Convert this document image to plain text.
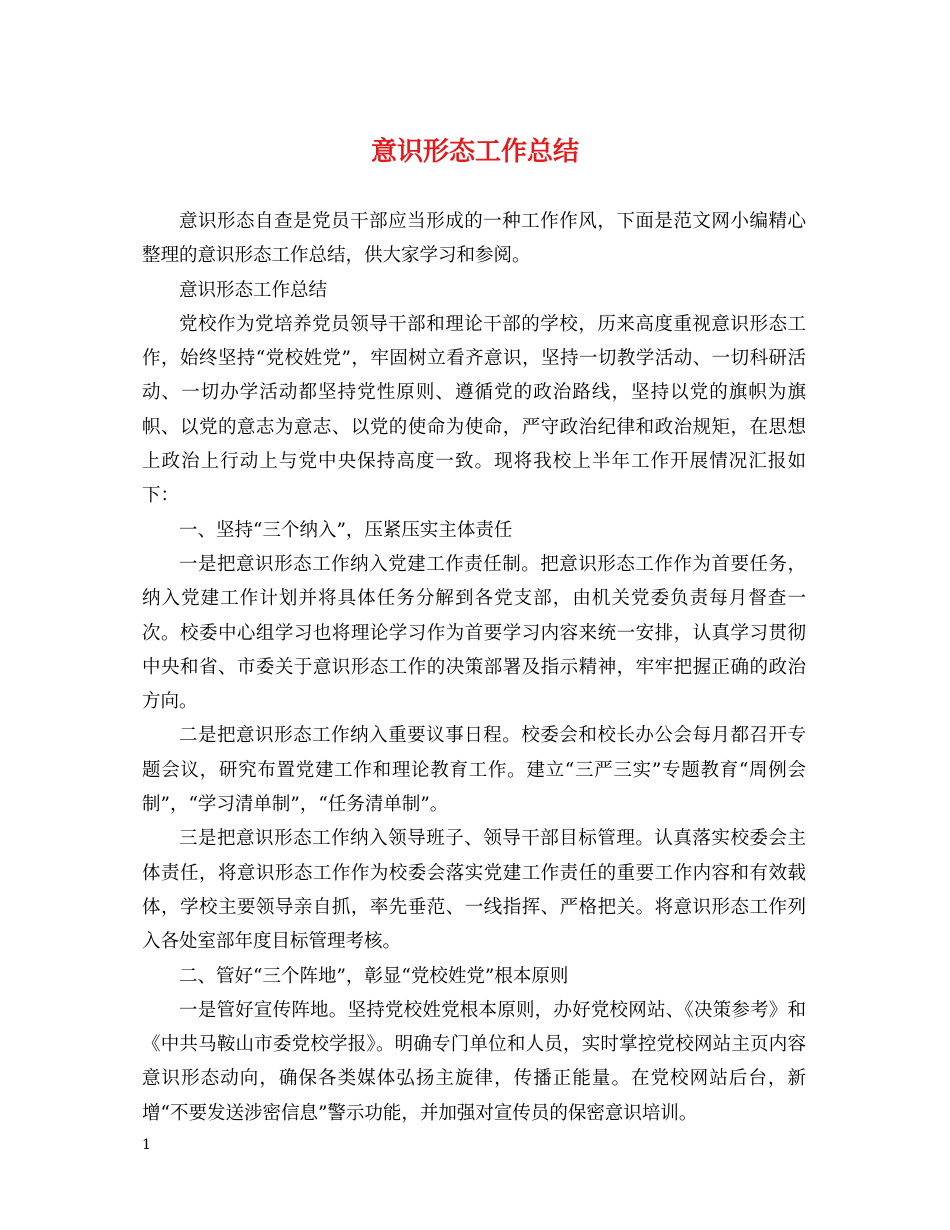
意识形态工作总结

意识形态自查是党员干部应当形成的一种工作作风，下面是范文网小编精心整理的意识形态工作总结，供大家学习和参阅。

意识形态工作总结

党校作为党培养党员领导干部和理论干部的学校，历来高度重视意识形态工作，始终坚持“党校姓党”，牢固树立看齐意识，坚持一切教学活动、一切科研活动、一切办学活动都坚持党性原则、遵循党的政治路线，坚持以党的旗帜为旗帜、以党的意志为意志、以党的使命为使命，严守政治纪律和政治规矩，在思想上政治上行动上与党中央保持高度一致。现将我校上半年工作开展情况汇报如下：

一、坚持“三个纳入”，压紧压实主体责任

一是把意识形态工作纳入党建工作责任制。把意识形态工作作为首要任务，纳入党建工作计划并将具体任务分解到各党支部，由机关党委负责每月督查一次。校委中心组学习也将理论学习作为首要学习内容来统一安排，认真学习贯彻中央和省、市委关于意识形态工作的决策部署及指示精神，牢牢把握正确的政治方向。

二是把意识形态工作纳入重要议事日程。校委会和校长办公会每月都召开专题会议，研究布置党建工作和理论教育工作。建立“三严三实”专题教育“周例会制”，“学习清单制”，“任务清单制”。

三是把意识形态工作纳入领导班子、领导干部目标管理。认真落实校委会主体责任，将意识形态工作作为校委会落实党建工作责任的重要工作内容和有效载体，学校主要领导亲自抓，率先垂范、一线指挥、严格把关。将意识形态工作列入各处室部年度目标管理考核。

二、管好“三个阵地”，彰显“党校姓党”根本原则

一是管好宣传阵地。坚持党校姓党根本原则，办好党校网站、《决策参考》和《中共马鞍山市委党校学报》。明确专门单位和人员，实时掌控党校网站主页内容意识形态动向，确保各类媒体弘扬主旋律，传播正能量。在党校网站后台，新增“不要发送涉密信息”警示功能，并加强对宣传员的保密意识培训。

1
